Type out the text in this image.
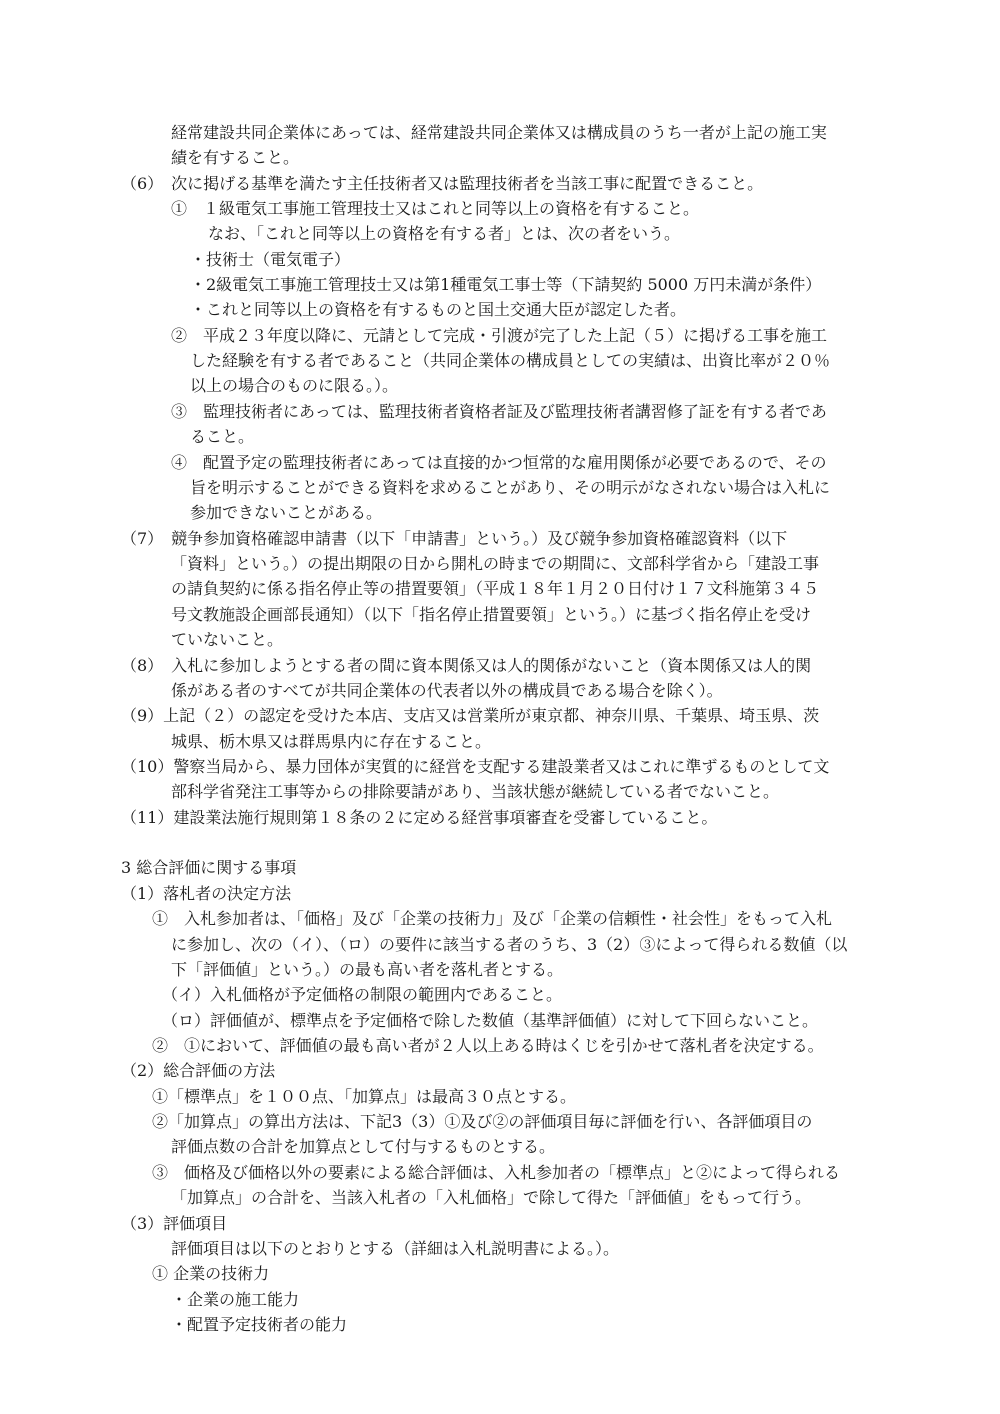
経常建設共同企業体にあっては、経常建設共同企業体又は構成員のうち一者が上記の施工実
績を有すること。
（6）　次に掲げる基準を満たす主任技術者又は監理技術者を当該工事に配置できること。
①　１級電気工事施工管理技士又はこれと同等以上の資格を有すること。
なお、「これと同等以上の資格を有する者」とは、次の者をいう。
・技術士（電気電子）
・2級電気工事施工管理技士又は第1種電気工事士等（下請契約 5000 万円未満が条件）
・これと同等以上の資格を有するものと国土交通大臣が認定した者。
②　平成２３年度以降に、元請として完成・引渡が完了した上記（５）に掲げる工事を施工
した経験を有する者であること（共同企業体の構成員としての実績は、出資比率が２０％
以上の場合のものに限る。）。
③　監理技術者にあっては、監理技術者資格者証及び監理技術者講習修了証を有する者であ
ること。
④　配置予定の監理技術者にあっては直接的かつ恒常的な雇用関係が必要であるので、その
旨を明示することができる資料を求めることがあり、その明示がなされない場合は入札に
参加できないことがある。
（7）　競争参加資格確認申請書（以下「申請書」という。）及び競争参加資格確認資料（以下
「資料」という。）の提出期限の日から開札の時までの期間に、文部科学省から「建設工事
の請負契約に係る指名停止等の措置要領」（平成１８年１月２０日付け１７文科施第３４５
号文教施設企画部長通知）（以下「指名停止措置要領」という。）に基づく指名停止を受け
ていないこと。
（8）　入札に参加しようとする者の間に資本関係又は人的関係がないこと（資本関係又は人的関
係がある者のすべてが共同企業体の代表者以外の構成員である場合を除く）。
（9）上記（２）の認定を受けた本店、支店又は営業所が東京都、神奈川県、千葉県、埼玉県、茨
城県、栃木県又は群馬県内に存在すること。
（10）警察当局から、暴力団体が実質的に経営を支配する建設業者又はこれに準ずるものとして文
部科学省発注工事等からの排除要請があり、当該状態が継続している者でないこと。
（11）建設業法施行規則第１８条の２に定める経営事項審査を受審していること。
3 総合評価に関する事項
（1）落札者の決定方法
①　入札参加者は、「価格」及び「企業の技術力」及び「企業の信頼性・社会性」をもって入札
に参加し、次の（イ）、（ロ）の要件に該当する者のうち、3（2）③によって得られる数値（以
下「評価値」という。）の最も高い者を落札者とする。
（イ）入札価格が予定価格の制限の範囲内であること。
（ロ）評価値が、標準点を予定価格で除した数値（基準評価値）に対して下回らないこと。
②　①において、評価値の最も高い者が２人以上ある時はくじを引かせて落札者を決定する。
（2）総合評価の方法
①「標準点」を１００点、「加算点」は最高３０点とする。
②「加算点」の算出方法は、下記3（3）①及び②の評価項目毎に評価を行い、各評価項目の
評価点数の合計を加算点として付与するものとする。
③　価格及び価格以外の要素による総合評価は、入札参加者の「標準点」と②によって得られる
「加算点」の合計を、当該入札者の「入札価格」で除して得た「評価値」をもって行う。
（3）評価項目
評価項目は以下のとおりとする（詳細は入札説明書による。）。
① 企業の技術力
・企業の施工能力
・配置予定技術者の能力
